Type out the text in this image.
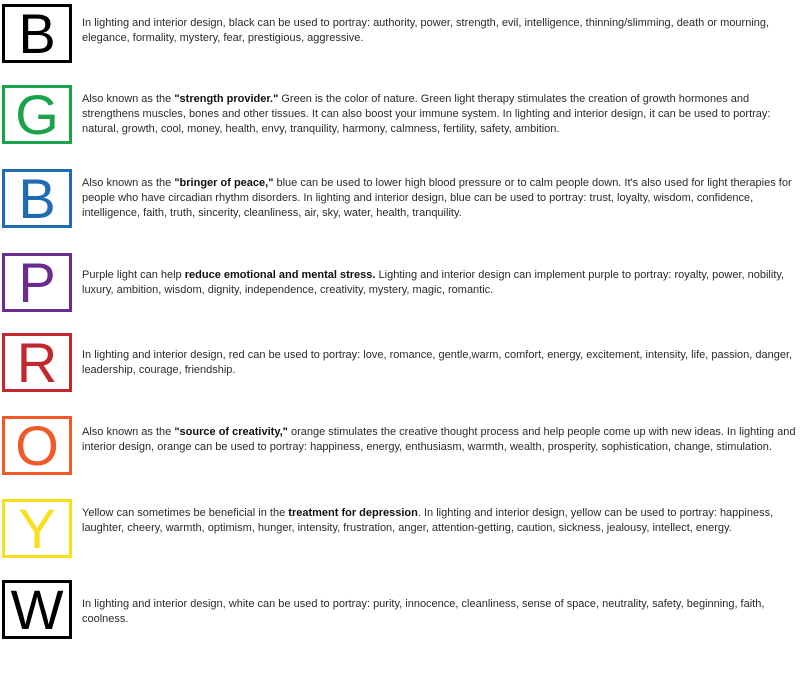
B In lighting and interior design, black can be used to portray: authority, power, strength, evil, intelligence, thinning/slimming, death or mourning, elegance, formality, mystery, fear, prestigious, aggressive.
G Also known as the "strength provider." Green is the color of nature. Green light therapy stimulates the creation of growth hormones and strengthens muscles, bones and other tissues. It can also boost your immune system. In lighting and interior design, it can be used to portray: natural, growth, cool, money, health, envy, tranquility, harmony, calmness, fertility, safety, ambition.
B Also known as the "bringer of peace," blue can be used to lower high blood pressure or to calm people down. It's also used for light therapies for people who have circadian rhythm disorders. In lighting and interior design, blue can be used to portray: trust, loyalty, wisdom, confidence, intelligence, faith, truth, sincerity, cleanliness, air, sky, water, health, tranquility.
P Purple light can help reduce emotional and mental stress. Lighting and interior design can implement purple to portray: royalty, power, nobility, luxury, ambition, wisdom, dignity, independence, creativity, mystery, magic, romantic.
R In lighting and interior design, red can be used to portray: love, romance, gentle,warm, comfort, energy, excitement, intensity, life, passion, danger, leadership, courage, friendship.
O Also known as the "source of creativity," orange stimulates the creative thought process and help people come up with new ideas. In lighting and interior design, orange can be used to portray: happiness, energy, enthusiasm, warmth, wealth, prosperity, sophistication, change, stimulation.
Y Yellow can sometimes be beneficial in the treatment for depression. In lighting and interior design, yellow can be used to portray: happiness, laughter, cheery, warmth, optimism, hunger, intensity, frustration, anger, attention-getting, caution, sickness, jealousy, intellect, energy.
W In lighting and interior design, white can be used to portray: purity, innocence, cleanliness, sense of space, neutrality, safety, beginning, faith, coolness.
